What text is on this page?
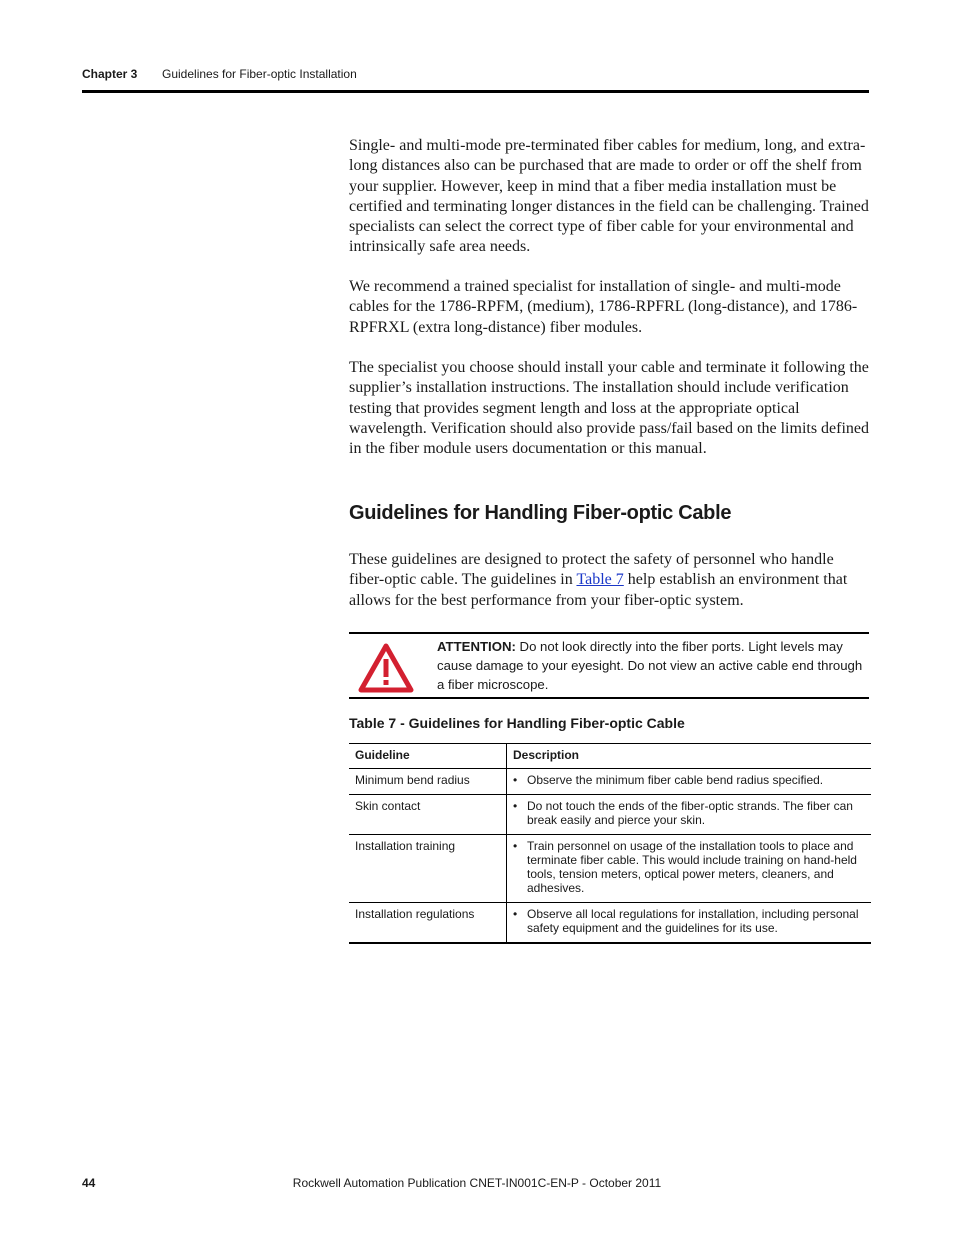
Chapter 3 Guidelines for Fiber-optic Installation

Single- and multi-mode pre-terminated fiber cables for medium, long, and extra-long distances also can be purchased that are made to order or off the shelf from your supplier. However, keep in mind that a fiber media installation must be certified and terminating longer distances in the field can be challenging. Trained specialists can select the correct type of fiber cable for your environmental and intrinsically safe area needs.

We recommend a trained specialist for installation of single- and multi-mode cables for the 1786-RPFM, (medium), 1786-RPFRL (long-distance), and 1786-RPFRXL (extra long-distance) fiber modules.

The specialist you choose should install your cable and terminate it following the supplier’s installation instructions. The installation should include verification testing that provides segment length and loss at the appropriate optical wavelength. Verification should also provide pass/fail based on the limits defined in the fiber module users documentation or this manual.

Guidelines for Handling Fiber-optic Cable

These guidelines are designed to protect the safety of personnel who handle fiber-optic cable. The guidelines in Table 7 help establish an environment that allows for the best performance from your fiber-optic system.

ATTENTION: Do not look directly into the fiber ports. Light levels may cause damage to your eyesight. Do not view an active cable end through a fiber microscope.

Table 7 - Guidelines for Handling Fiber-optic Cable

Guideline	Description
Minimum bend radius	• Observe the minimum fiber cable bend radius specified.

Skin contact	• Do not touch the ends of the fiber-optic strands. The fiber can break easily and pierce your skin.

Installation training	• Train personnel on usage of the installation tools to place and terminate fiber cable. This would include training on hand-held tools, tension meters, optical power meters, cleaners, and adhesives.

Installation regulations	• Observe all local regulations for installation, including personal safety equipment and the guidelines for its use.
Rockwell Automation Publication CNET-IN001C-EN-P - October 2011
44
